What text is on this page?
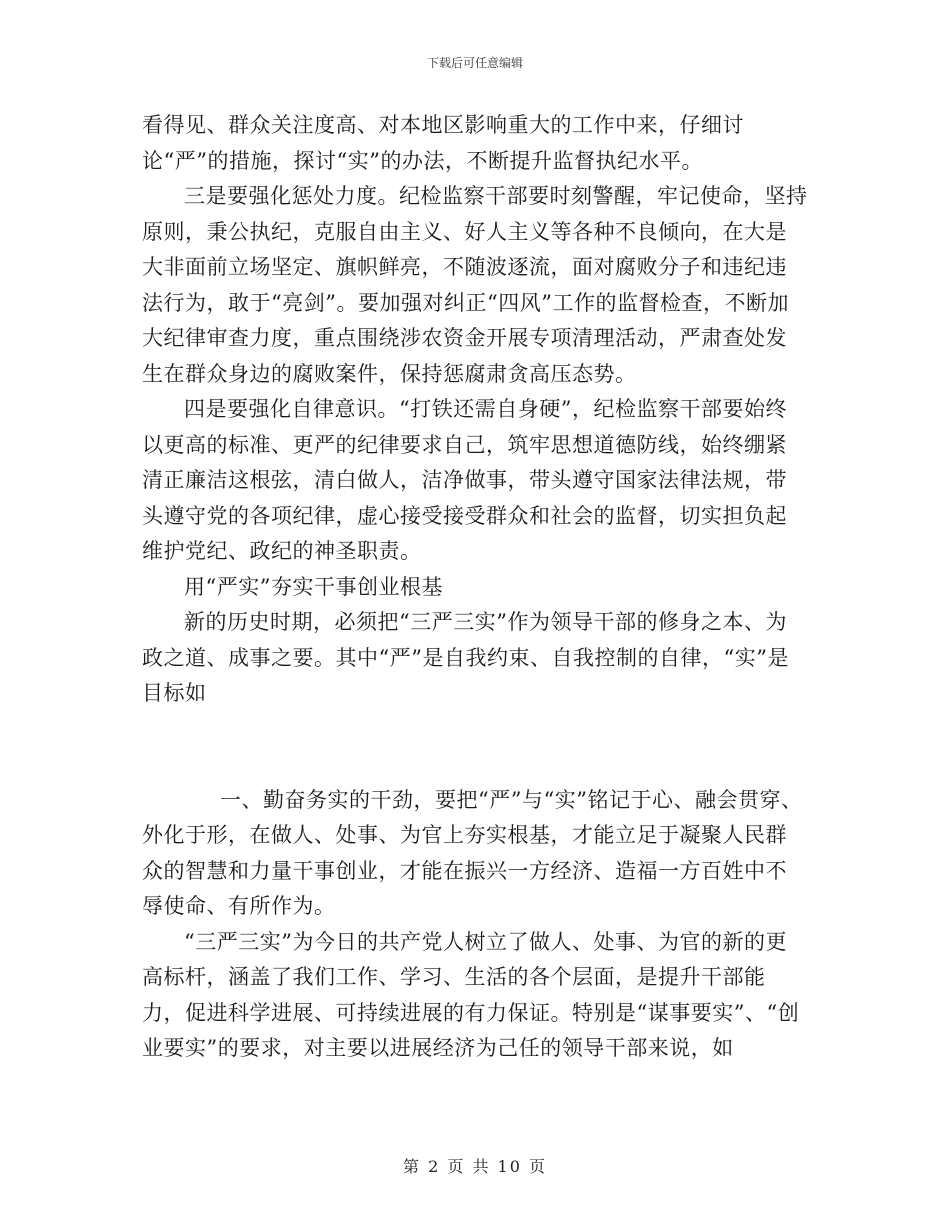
下载后可任意编辑

看得见、群众关注度高、对本地区影响重大的工作中来，仔细讨论“严”的措施，探讨“实”的办法，不断提升监督执纪水平。

三是要强化惩处力度。纪检监察干部要时刻警醒，牢记使命，坚持原则，秉公执纪，克服自由主义、好人主义等各种不良倾向，在大是大非面前立场坚定、旗帜鲜亮，不随波逐流，面对腐败分子和违纪违法行为，敢于“亮剑”。要加强对纠正“四风”工作的监督检查，不断加大纪律审查力度，重点围绕涉农资金开展专项清理活动，严肃查处发生在群众身边的腐败案件，保持惩腐肃贪高压态势。

四是要强化自律意识。“打铁还需自身硬”，纪检监察干部要始终以更高的标准、更严的纪律要求自己，筑牢思想道德防线，始终绷紧清正廉洁这根弦，清白做人，洁净做事，带头遵守国家法律法规，带头遵守党的各项纪律，虚心接受接受群众和社会的监督，切实担负起维护党纪、政纪的神圣职责。

用“严实”夯实干事创业根基

新的历史时期，必须把“三严三实”作为领导干部的修身之本、为政之道、成事之要。其中“严”是自我约束、自我控制的自律，“实”是目标如

一、勤奋务实的干劲，要把“严”与“实”铭记于心、融会贯穿、外化于形，在做人、处事、为官上夯实根基，才能立足于凝聚人民群众的智慧和力量干事创业，才能在振兴一方经济、造福一方百姓中不辱使命、有所作为。

“三严三实”为今日的共产党人树立了做人、处事、为官的新的更高标杆，涵盖了我们工作、学习、生活的各个层面，是提升干部能力，促进科学进展、可持续进展的有力保证。特别是“谋事要实”、“创业要实”的要求，对主要以进展经济为己任的领导干部来说，如

第 2 页 共 10 页
